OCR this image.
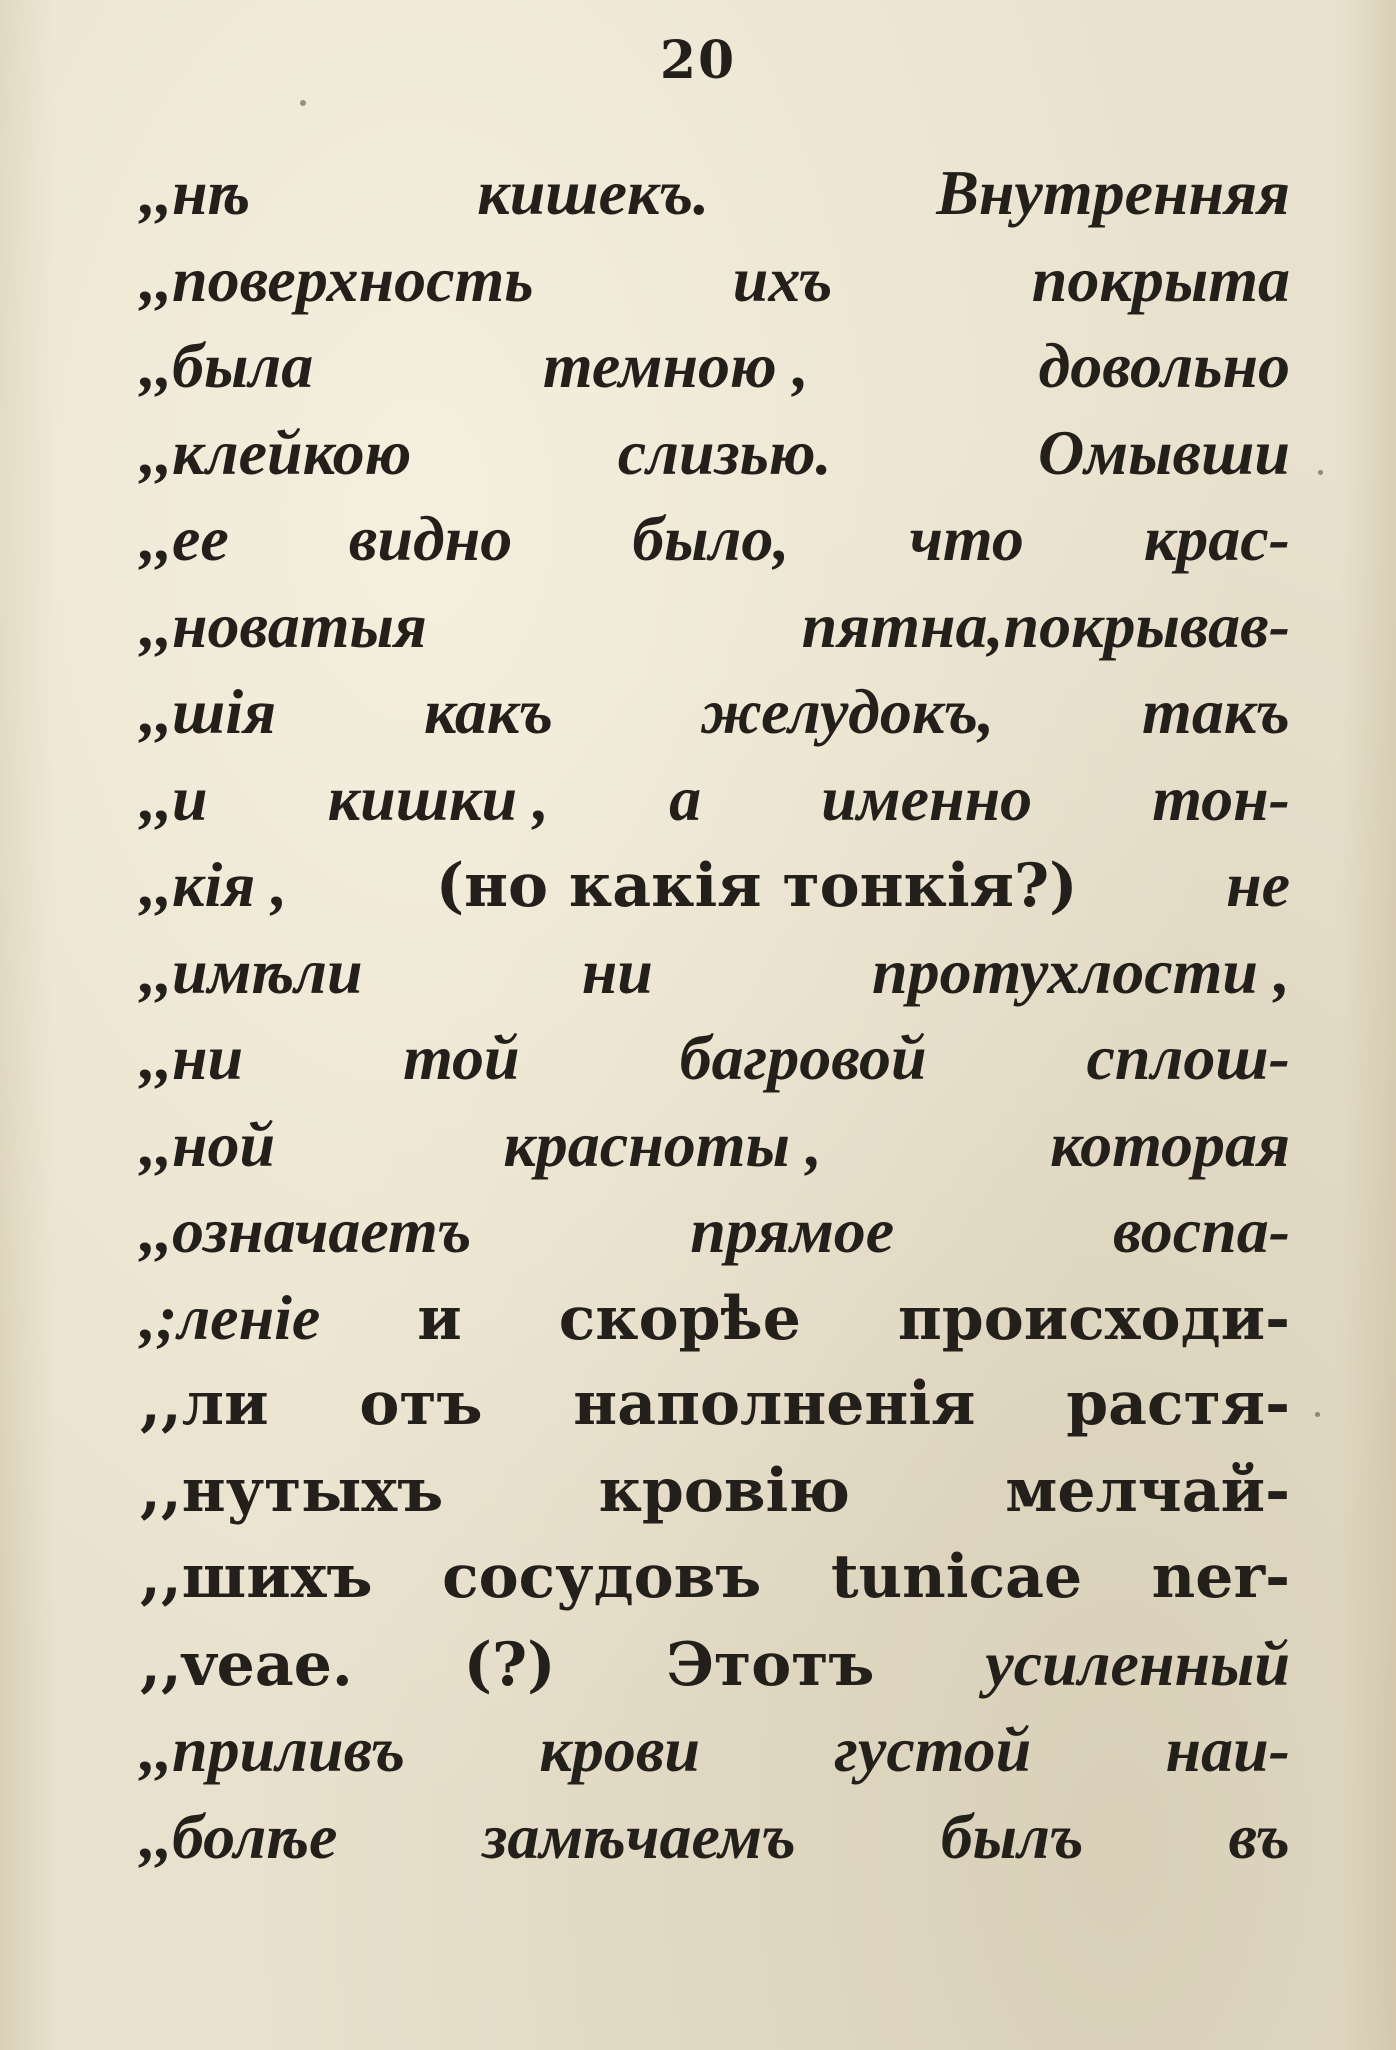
20
,,нѣ	кишекъ.	Внутренняя
,,поверхность	ихъ	покрыта
,,была	темною ,	довольно
,,клейкою	слизью.	Омывши
,,ее видно было, что крас-
,,новатыя	пятна,покрывав-
,,шія какъ желудокъ, такъ
,,и кишки , а именно тон-
,,кія , (но какія тонкія?) не
,,имѣли	ни	протухлости ,
,,ни той багровой сплош-
,,ной	красноты ,	которая
,,означаетъ	прямое	воспа-
,;леніе и скорѣе происходи-
,,ли отъ наполненія растя-
,,нутыхъ	кровію	мелчай-
,,шихъ сосудовъ tunicae ner-
,,veae. (?) Этотъ усиленный
,,приливъ крови густой наи-
,,болѣе замѣчаемъ былъ въ
